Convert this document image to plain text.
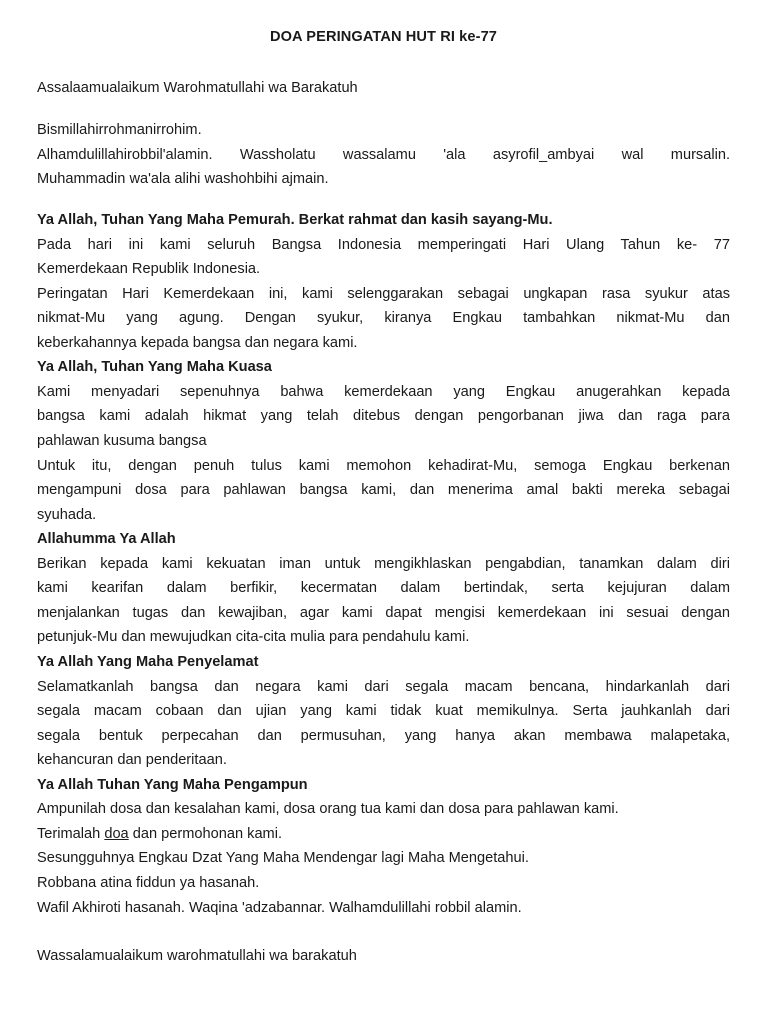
DOA PERINGATAN HUT RI ke-77
Assalaamualaikum Warohmatullahi wa Barakatuh
Bismillahirrohmanirrohim.
Alhamdulillahirobbil'alamin. Wassholatu wassalamu 'ala asyrofil_ambyai wal mursalin.
Muhammadin wa'ala alihi washohbihi ajmain.
Ya Allah, Tuhan Yang Maha Pemurah. Berkat rahmat dan kasih sayang-Mu.
Pada hari ini kami seluruh Bangsa Indonesia memperingati Hari Ulang Tahun ke- 77
Kemerdekaan Republik Indonesia.
Peringatan Hari Kemerdekaan ini, kami selenggarakan sebagai ungkapan rasa syukur atas
nikmat-Mu yang agung. Dengan syukur, kiranya Engkau tambahkan nikmat-Mu dan
keberkahannya kepada bangsa dan negara kami.
Ya Allah, Tuhan Yang Maha Kuasa
Kami menyadari sepenuhnya bahwa kemerdekaan yang Engkau anugerahkan kepada
bangsa kami adalah hikmat yang telah ditebus dengan pengorbanan jiwa dan raga para
pahlawan kusuma bangsa
Untuk itu, dengan penuh tulus kami memohon kehadirat-Mu, semoga Engkau berkenan
mengampuni dosa para pahlawan bangsa kami, dan menerima amal bakti mereka sebagai
syuhada.
Allahumma Ya Allah
Berikan kepada kami kekuatan iman untuk mengikhlaskan pengabdian, tanamkan dalam diri
kami kearifan dalam berfikir, kecermatan dalam bertindak, serta kejujuran dalam
menjalankan tugas dan kewajiban, agar kami dapat mengisi kemerdekaan ini sesuai dengan
petunjuk-Mu dan mewujudkan cita-cita mulia para pendahulu kami.
Ya Allah Yang Maha Penyelamat
Selamatkanlah bangsa dan negara kami dari segala macam bencana, hindarkanlah dari
segala macam cobaan dan ujian yang kami tidak kuat memikulnya. Serta jauhkanlah dari
segala bentuk perpecahan dan permusuhan, yang hanya akan membawa malapetaka,
kehancuran dan penderitaan.
Ya Allah Tuhan Yang Maha Pengampun
Ampunilah dosa dan kesalahan kami, dosa orang tua kami dan dosa para pahlawan kami.
Terimalah doa dan permohonan kami.
Sesungguhnya Engkau Dzat Yang Maha Mendengar lagi Maha Mengetahui.
Robbana atina fiddun ya hasanah.
Wafil Akhiroti hasanah. Waqina 'adzabannar. Walhamdulillahi robbil alamin.
Wassalamualaikum warohmatullahi wa barakatuh
